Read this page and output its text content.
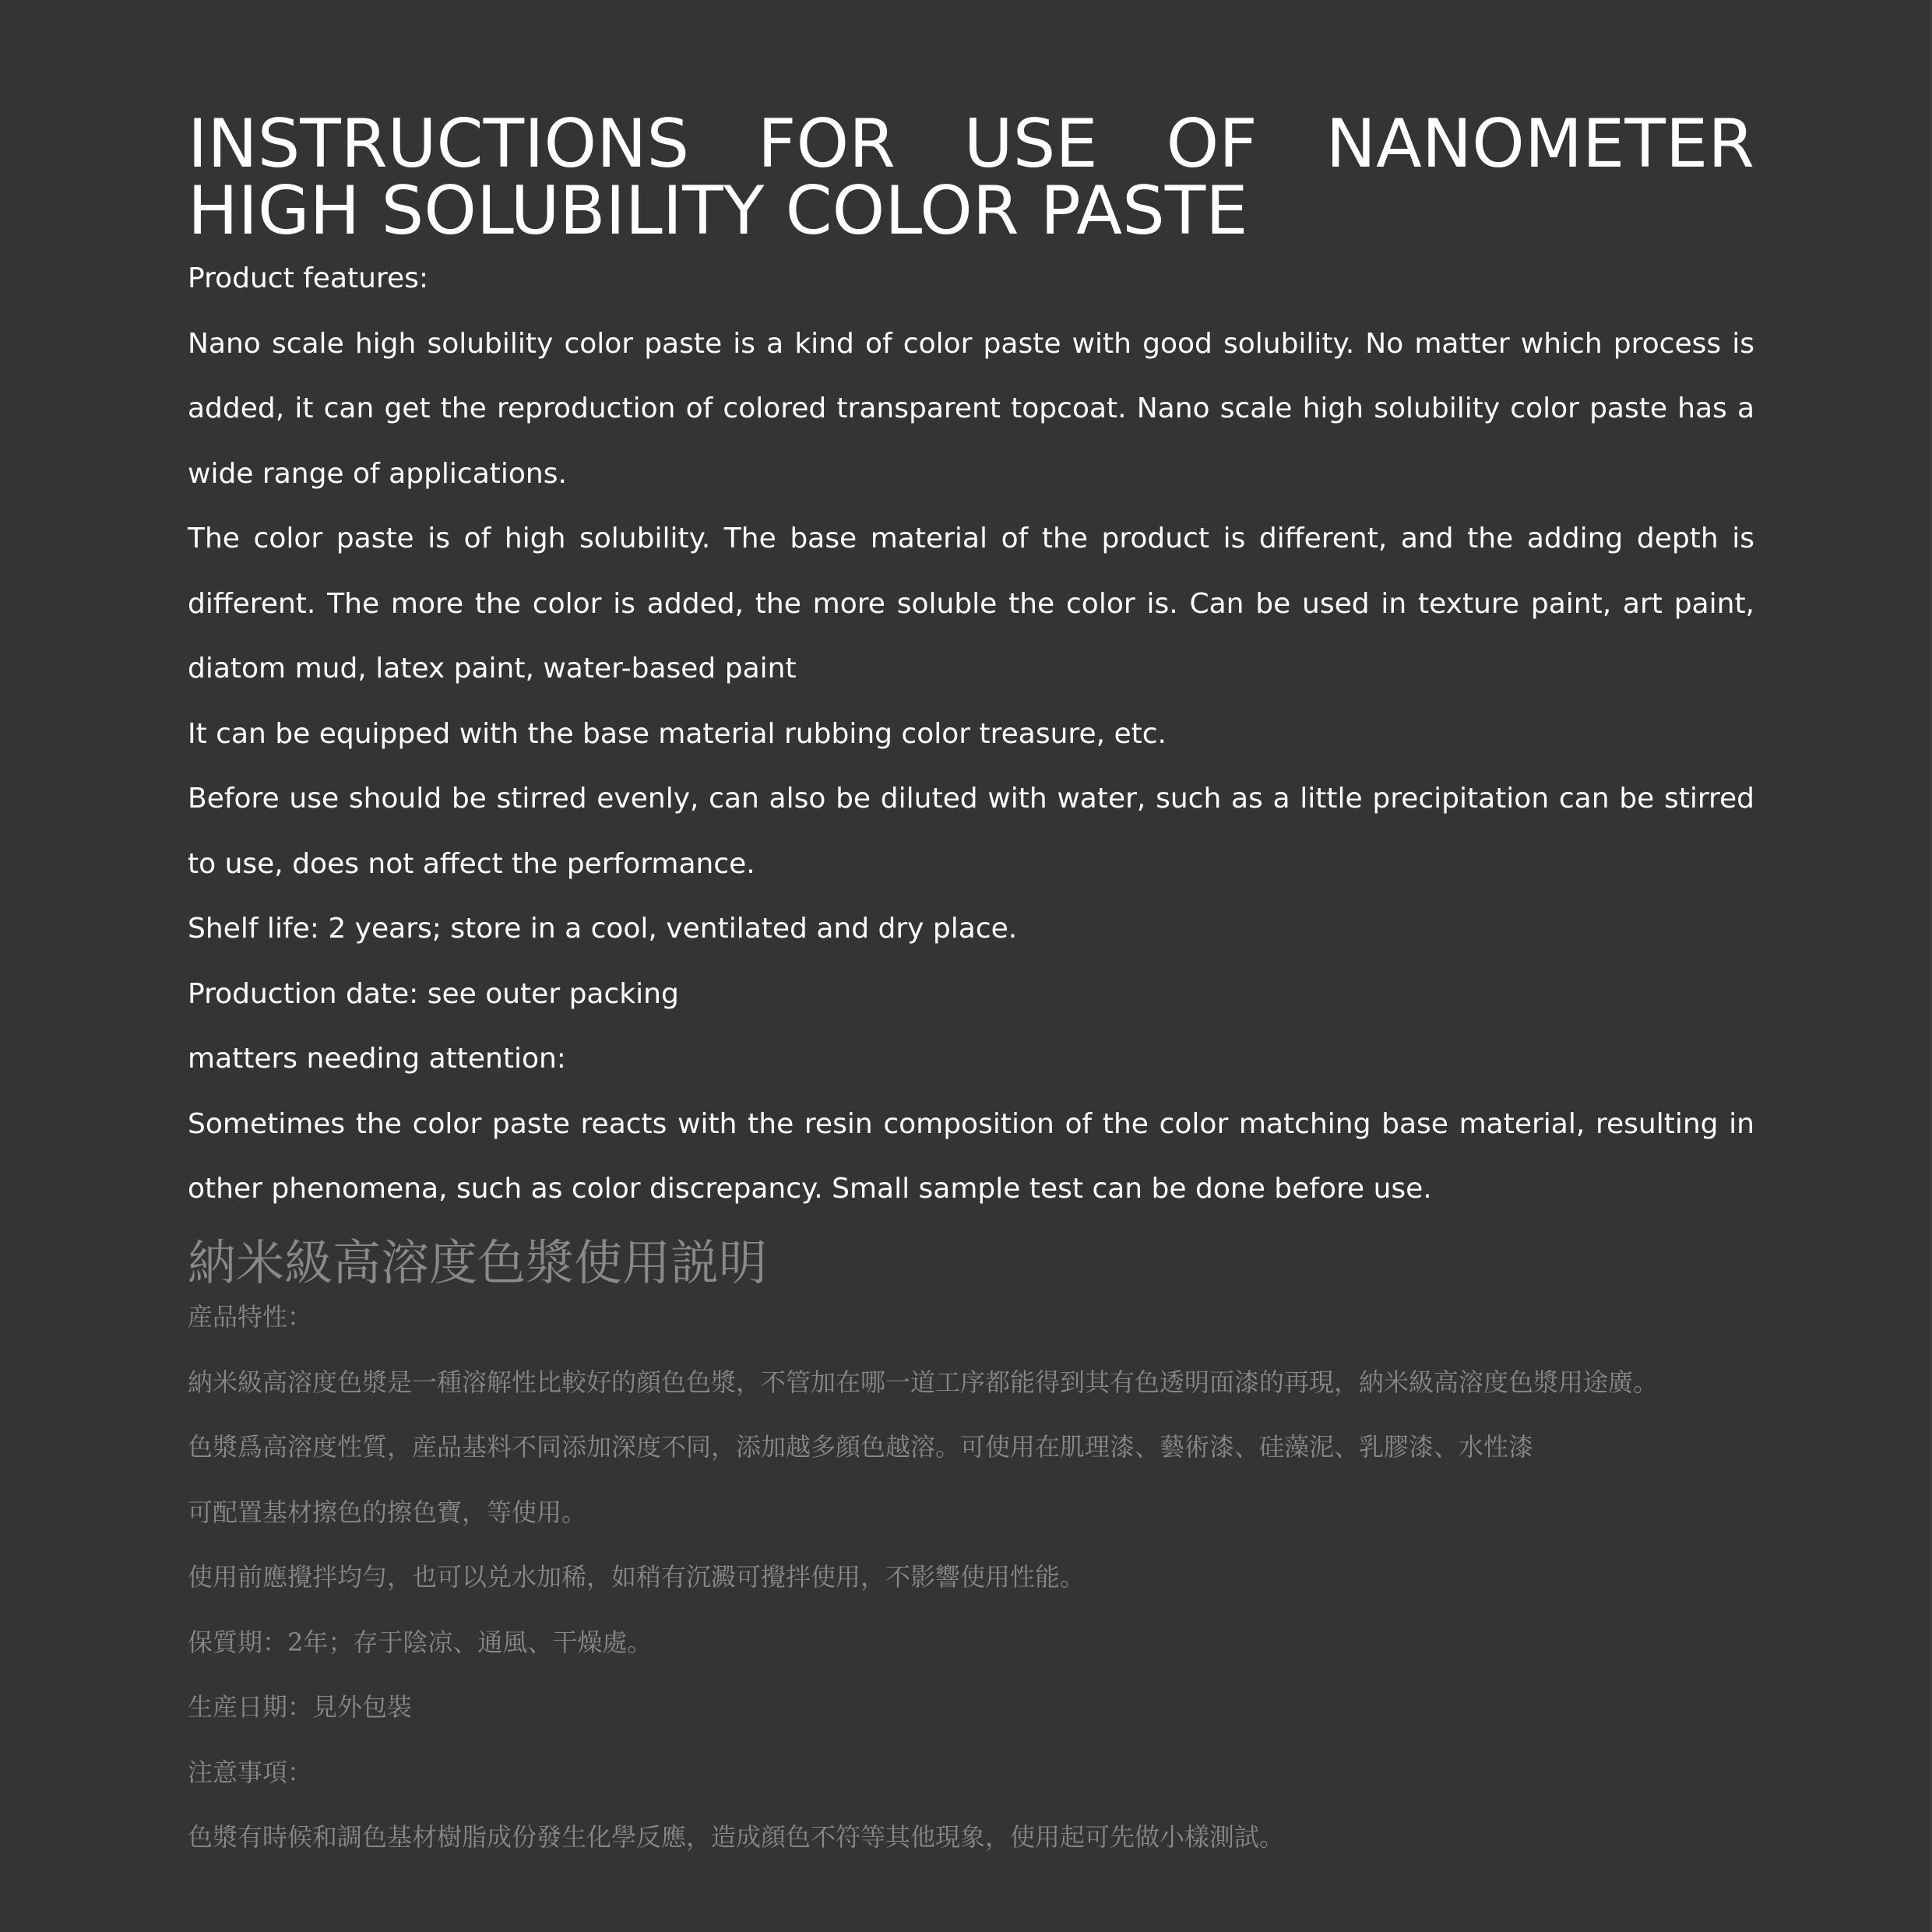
INSTRUCTIONS FOR USE OF NANOMETER HIGH SOLUBILITY COLOR PASTE

Product features:

Nano scale high solubility color paste is a kind of color paste with good solubility. No matter which process is added, it can get the reproduction of colored transparent topcoat. Nano scale high solubility color paste has a wide range of applications.

The color paste is of high solubility. The base material of the product is different, and the adding depth is different. The more the color is added, the more soluble the color is. Can be used in texture paint, art paint, diatom mud, latex paint, water-based paint

It can be equipped with the base material rubbing color treasure, etc.

Before use should be stirred evenly, can also be diluted with water, such as a little precipitation can be stirred to use, does not affect the performance.

Shelf life: 2 years; store in a cool, ventilated and dry place.

Production date: see outer packing

matters needing attention:

Sometimes the color paste reacts with the resin composition of the color matching base material, resulting in other phenomena, such as color discrepancy. Small sample test can be done before use.

納米級高溶度色漿使用説明

産品特性：

納米級高溶度色漿是一種溶解性比較好的顔色色漿，不管加在哪一道工序都能得到其有色透明面漆的再現，納米級高溶度色漿用途廣。

色漿爲高溶度性質，産品基料不同添加深度不同，添加越多顔色越溶。可使用在肌理漆、藝術漆、硅藻泥、乳膠漆、水性漆

可配置基材擦色的擦色寶，等使用。

使用前應攪拌均勻，也可以兑水加稀，如稍有沉澱可攪拌使用，不影響使用性能。

保質期：2年；存于陰凉、通風、干燥處。

生産日期：見外包裝

注意事項：

色漿有時候和調色基材樹脂成份發生化學反應，造成顔色不符等其他現象，使用起可先做小樣測試。
